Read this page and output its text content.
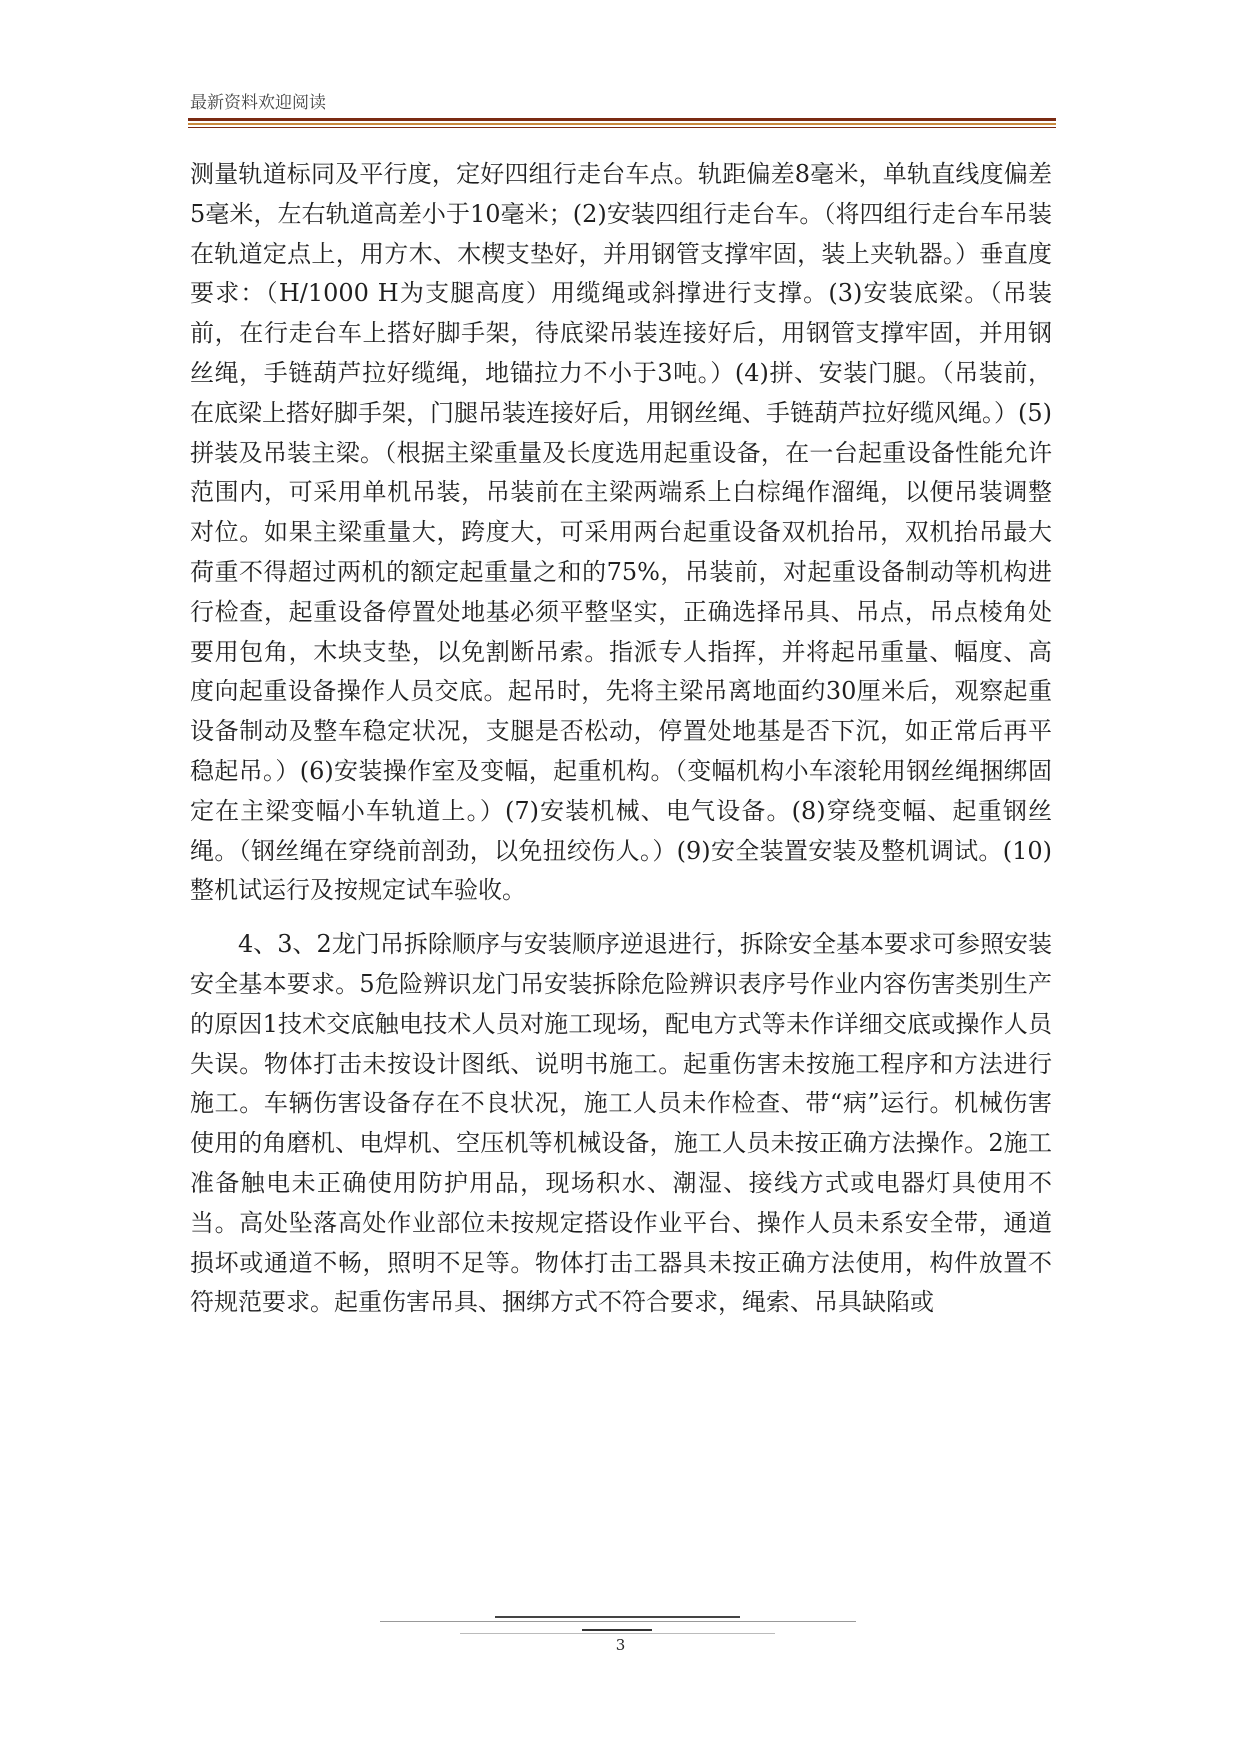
最新资料欢迎阅读

测量轨道标同及平行度，定好四组行走台车点。轨距偏差8毫米，单轨直线度偏差5毫米，左右轨道高差小于10毫米；(2)安装四组行走台车。（将四组行走台车吊装在轨道定点上，用方木、木楔支垫好，并用钢管支撑牢固，装上夹轨器。）垂直度要求：（H/1000 H为支腿高度）用缆绳或斜撑进行支撑。(3)安装底梁。（吊装前，在行走台车上搭好脚手架，待底梁吊装连接好后，用钢管支撑牢固，并用钢丝绳，手链葫芦拉好缆绳，地锚拉力不小于3吨。）(4)拼、安装门腿。（吊装前，在底梁上搭好脚手架，门腿吊装连接好后，用钢丝绳、手链葫芦拉好缆风绳。）(5)拼装及吊装主梁。（根据主梁重量及长度选用起重设备，在一台起重设备性能允许范围内，可采用单机吊装，吊装前在主梁两端系上白棕绳作溜绳，以便吊装调整对位。如果主梁重量大，跨度大，可采用两台起重设备双机抬吊，双机抬吊最大荷重不得超过两机的额定起重量之和的75%，吊装前，对起重设备制动等机构进行检查，起重设备停置处地基必须平整坚实，正确选择吊具、吊点，吊点棱角处要用包角，木块支垫，以免割断吊索。指派专人指挥，并将起吊重量、幅度、高度向起重设备操作人员交底。起吊时，先将主梁吊离地面约30厘米后，观察起重设备制动及整车稳定状况，支腿是否松动，停置处地基是否下沉，如正常后再平稳起吊。）(6)安装操作室及变幅，起重机构。（变幅机构小车滚轮用钢丝绳捆绑固定在主梁变幅小车轨道上。）(7)安装机械、电气设备。(8)穿绕变幅、起重钢丝绳。（钢丝绳在穿绕前剖劲，以免扭绞伤人。）(9)安全装置安装及整机调试。(10)整机试运行及按规定试车验收。

4、3、2龙门吊拆除顺序与安装顺序逆退进行，拆除安全基本要求可参照安装安全基本要求。5危险辨识龙门吊安装拆除危险辨识表序号作业内容伤害类别生产的原因1技术交底触电技术人员对施工现场，配电方式等未作详细交底或操作人员失误。物体打击未按设计图纸、说明书施工。起重伤害未按施工程序和方法进行施工。车辆伤害设备存在不良状况，施工人员未作检查、带“病”运行。机械伤害使用的角磨机、电焊机、空压机等机械设备，施工人员未按正确方法操作。2施工准备触电未正确使用防护用品，现场积水、潮湿、接线方式或电器灯具使用不当。高处坠落高处作业部位未按规定搭设作业平台、操作人员未系安全带，通道损坏或通道不畅，照明不足等。物体打击工器具未按正确方法使用，构件放置不符规范要求。起重伤害吊具、捆绑方式不符合要求，绳索、吊具缺陷或

3
